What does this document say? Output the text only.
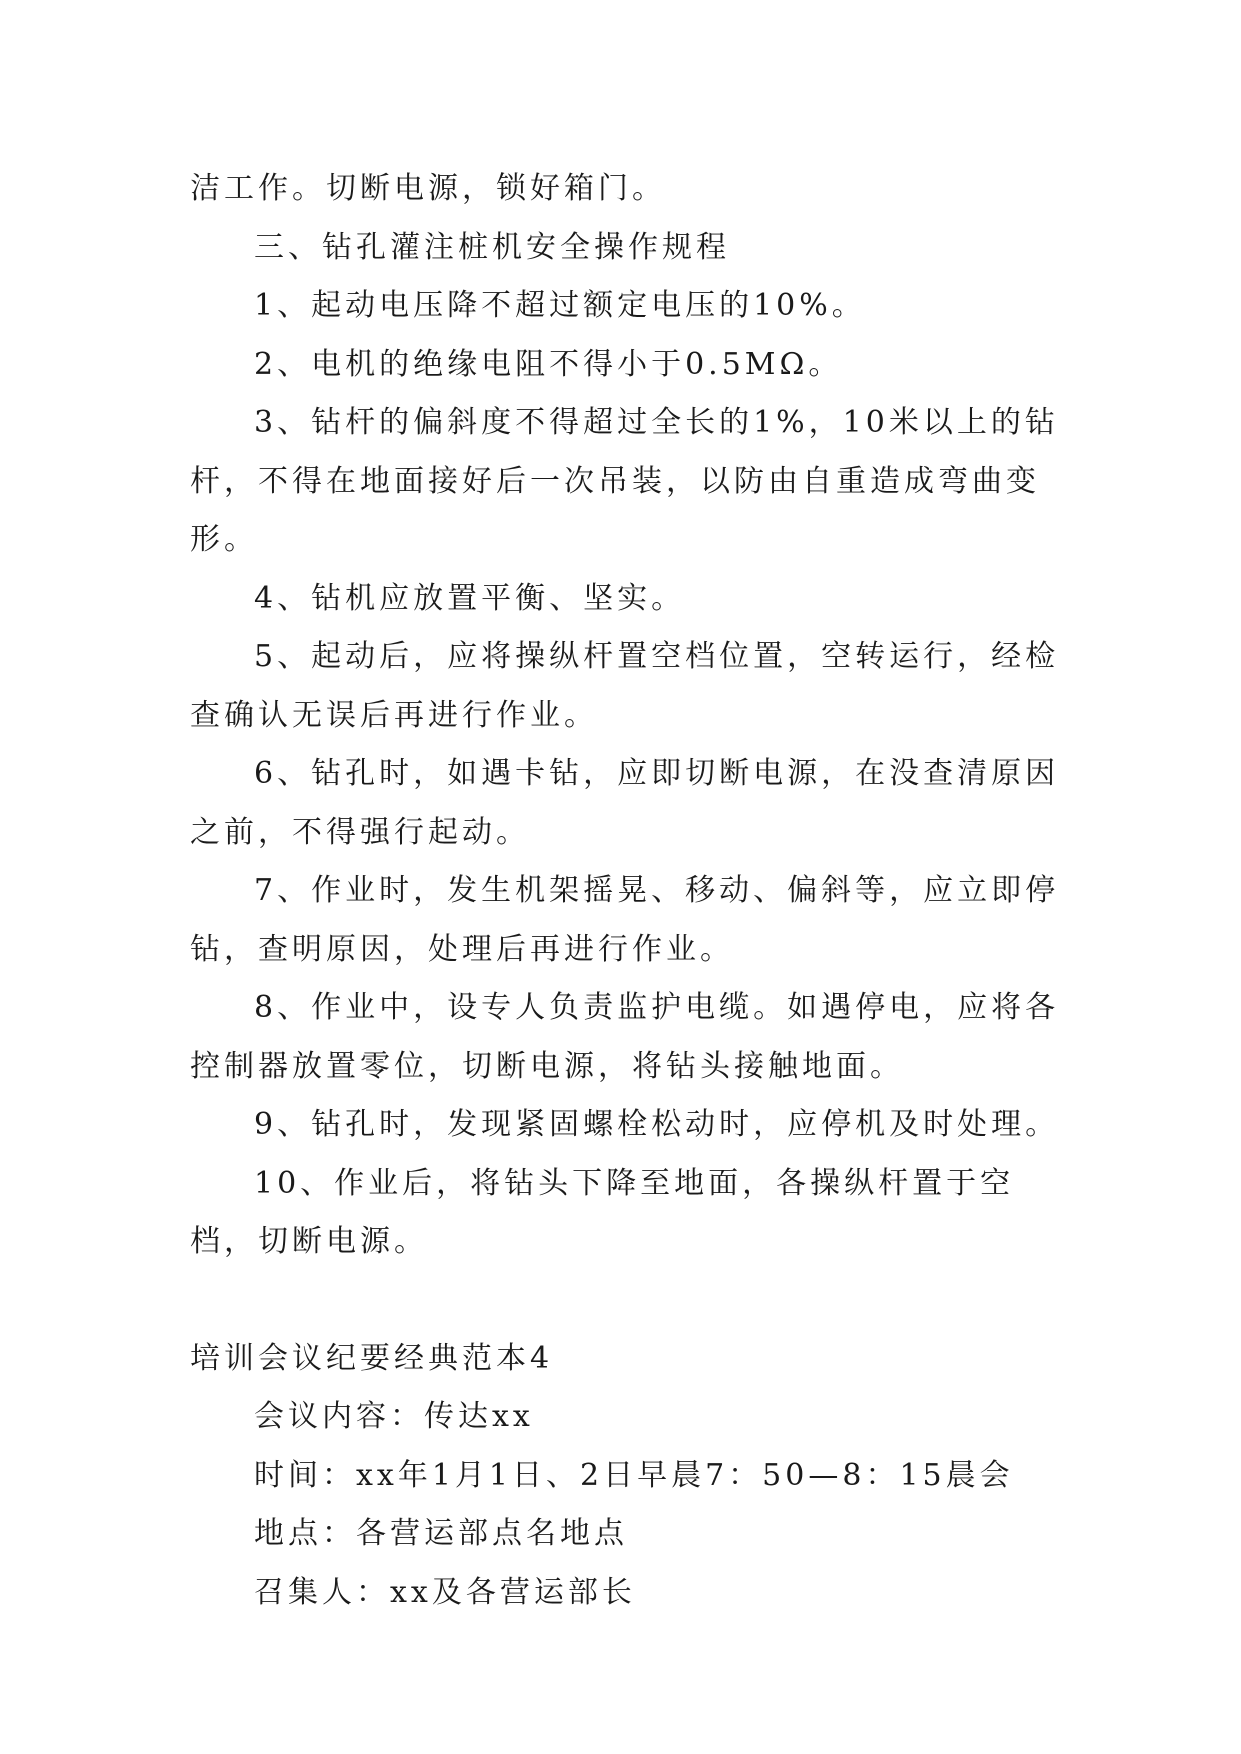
洁工作。切断电源，锁好箱门。

三、钻孔灌注桩机安全操作规程

1、起动电压降不超过额定电压的10%。

2、电机的绝缘电阻不得小于0.5MΩ。

3、钻杆的偏斜度不得超过全长的1%，10米以上的钻杆，不得在地面接好后一次吊装，以防由自重造成弯曲变形。

4、钻机应放置平衡、坚实。

5、起动后，应将操纵杆置空档位置，空转运行，经检查确认无误后再进行作业。

6、钻孔时，如遇卡钻，应即切断电源，在没查清原因之前，不得强行起动。

7、作业时，发生机架摇晃、移动、偏斜等，应立即停钻，查明原因，处理后再进行作业。

8、作业中，设专人负责监护电缆。如遇停电，应将各控制器放置零位，切断电源，将钻头接触地面。

9、钻孔时，发现紧固螺栓松动时，应停机及时处理。

10、作业后，将钻头下降至地面，各操纵杆置于空档，切断电源。

培训会议纪要经典范本4

会议内容：传达xx

时间：xx年1月1日、2日早晨7：50—8：15晨会

地点：各营运部点名地点

召集人：xx及各营运部长
